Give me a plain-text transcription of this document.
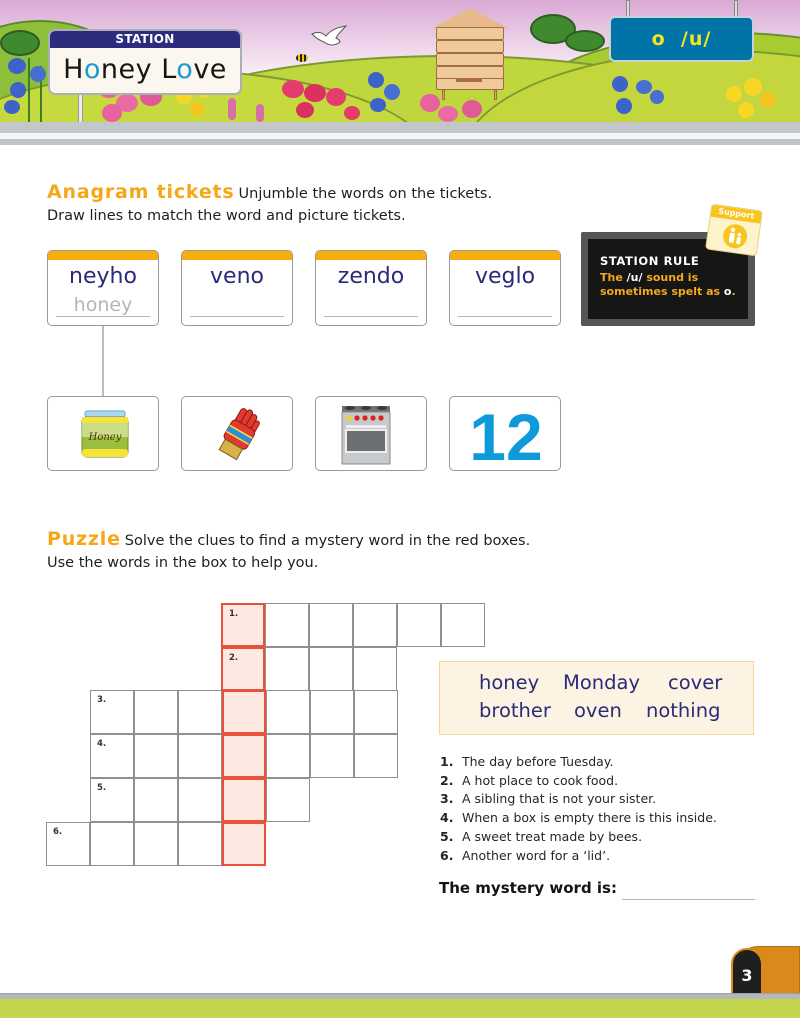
STATION
Honey Love
o  /u/
Anagram tickets Unjumble the words on the tickets.
Draw lines to match the word and picture tickets.
neyho
honey
veno	zendo	veglo
Honey	12
STATION RULE
The /u/ sound is
sometimes spelt as o.
Support
Puzzle Solve the clues to find a mystery word in the red boxes.
Use the words in the box to help you.
1.
2.
3.
4.
5.
6.
honey Monday cover
brother oven nothing
1. The day before Tuesday.
2. A hot place to cook food.
3. A sibling that is not your sister.
4. When a box is empty there is this inside.
5. A sweet treat made by bees.
6. Another word for a ‘lid’.
The mystery word is:
3
